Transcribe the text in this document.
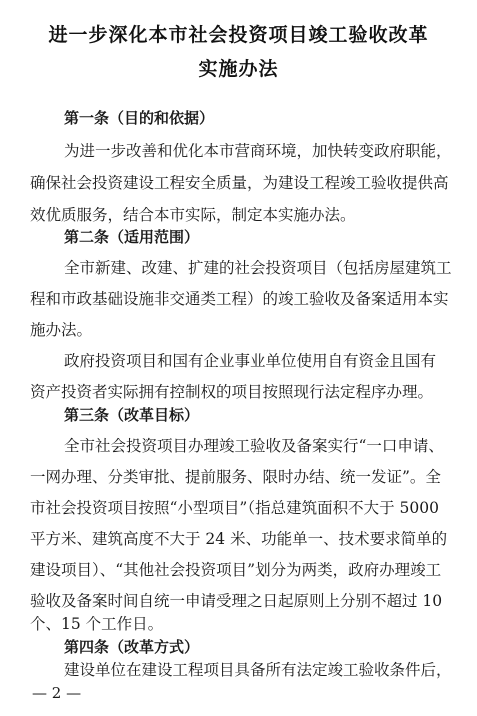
进一步深化本市社会投资项目竣工验收改革
实施办法
第一条（目的和依据）
为进一步改善和优化本市营商环境，加快转变政府职能，
确保社会投资建设工程安全质量，为建设工程竣工验收提供高
效优质服务，结合本市实际，制定本实施办法。
第二条（适用范围）
全市新建、改建、扩建的社会投资项目（包括房屋建筑工
程和市政基础设施非交通类工程）的竣工验收及备案适用本实
施办法。
政府投资项目和国有企业事业单位使用自有资金且国有
资产投资者实际拥有控制权的项目按照现行法定程序办理。
第三条（改革目标）
全市社会投资项目办理竣工验收及备案实行“一口申请、
一网办理、分类审批、提前服务、限时办结、统一发证”。全
市社会投资项目按照“小型项目”（指总建筑面积不大于 5000
平方米、建筑高度不大于 24 米、功能单一、技术要求简单的
建设项目）、“其他社会投资项目”划分为两类，政府办理竣工
验收及备案时间自统一申请受理之日起原则上分别不超过 10
个、15 个工作日。
第四条（改革方式）
建设单位在建设工程项目具备所有法定竣工验收条件后，
— 2 —
